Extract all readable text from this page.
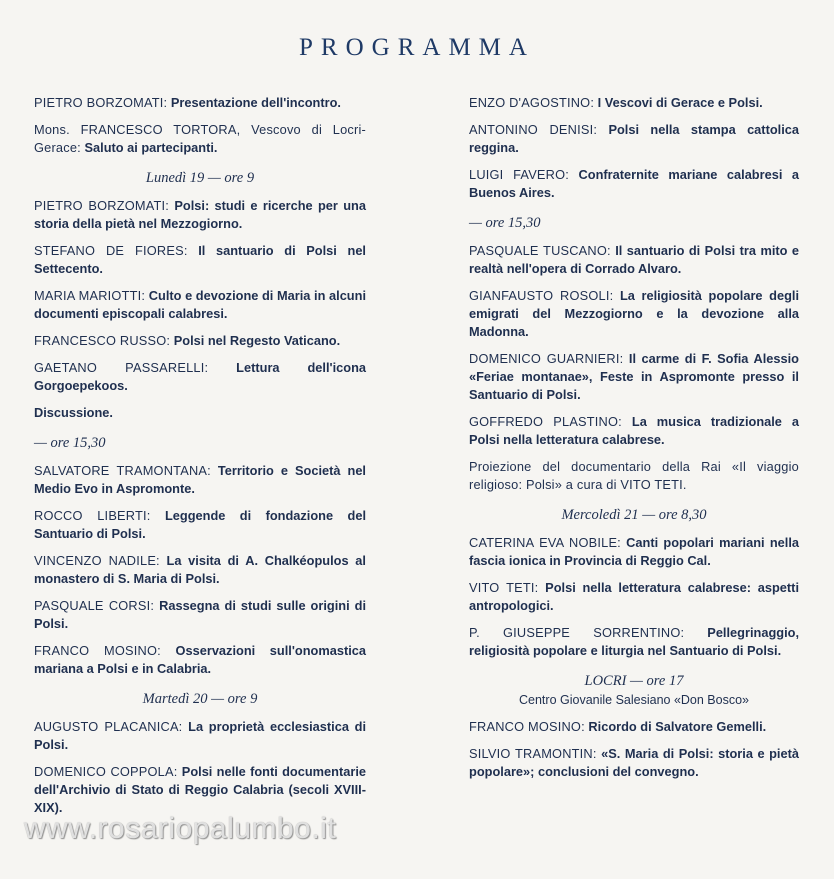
PROGRAMMA
PIETRO BORZOMATI: Presentazione dell'incontro.
Mons. FRANCESCO TORTORA, Vescovo di Locri-Gerace: Saluto ai partecipanti.
Lunedì 19 — ore 9
PIETRO BORZOMATI: Polsi: studi e ricerche per una storia della pietà nel Mezzogiorno.
STEFANO DE FIORES: Il santuario di Polsi nel Settecento.
MARIA MARIOTTI: Culto e devozione di Maria in alcuni documenti episcopali calabresi.
FRANCESCO RUSSO: Polsi nel Regesto Vaticano.
GAETANO PASSARELLI: Lettura dell'icona Gorgoepekoos.
Discussione.
— ore 15,30
SALVATORE TRAMONTANA: Territorio e Società nel Medio Evo in Aspromonte.
ROCCO LIBERTI: Leggende di fondazione del Santuario di Polsi.
VINCENZO NADILE: La visita di A. Chalkéopulos al monastero di S. Maria di Polsi.
PASQUALE CORSI: Rassegna di studi sulle origini di Polsi.
FRANCO MOSINO: Osservazioni sull'onomastica mariana a Polsi e in Calabria.
Martedì 20 — ore 9
AUGUSTO PLACANICA: La proprietà ecclesiastica di Polsi.
DOMENICO COPPOLA: Polsi nelle fonti documentarie dell'Archivio di Stato di Reggio Calabria (secoli XVIII-XIX).
ENZO D'AGOSTINO: I Vescovi di Gerace e Polsi.
ANTONINO DENISI: Polsi nella stampa cattolica reggina.
LUIGI FAVERO: Confraternite mariane calabresi a Buenos Aires.
— ore 15,30
PASQUALE TUSCANO: Il santuario di Polsi tra mito e realtà nell'opera di Corrado Alvaro.
GIANFAUSTO ROSOLI: La religiosità popolare degli emigrati del Mezzogiorno e la devozione alla Madonna.
DOMENICO GUARNIERI: Il carme di F. Sofia Alessio «Feriae montanae», Feste in Aspromonte presso il Santuario di Polsi.
GOFFREDO PLASTINO: La musica tradizionale a Polsi nella letteratura calabrese.
Proiezione del documentario della Rai «Il viaggio religioso: Polsi» a cura di VITO TETI.
Mercoledì 21 — ore 8,30
CATERINA EVA NOBILE: Canti popolari mariani nella fascia ionica in Provincia di Reggio Cal.
VITO TETI: Polsi nella letteratura calabrese: aspetti antropologici.
P. GIUSEPPE SORRENTINO: Pellegrinaggio, religiosità popolare e liturgia nel Santuario di Polsi.
LOCRI — ore 17
Centro Giovanile Salesiano «Don Bosco»
FRANCO MOSINO: Ricordo di Salvatore Gemelli.
SILVIO TRAMONTIN: «S. Maria di Polsi: storia e pietà popolare»; conclusioni del convegno.
www.rosariopalumbo.it
